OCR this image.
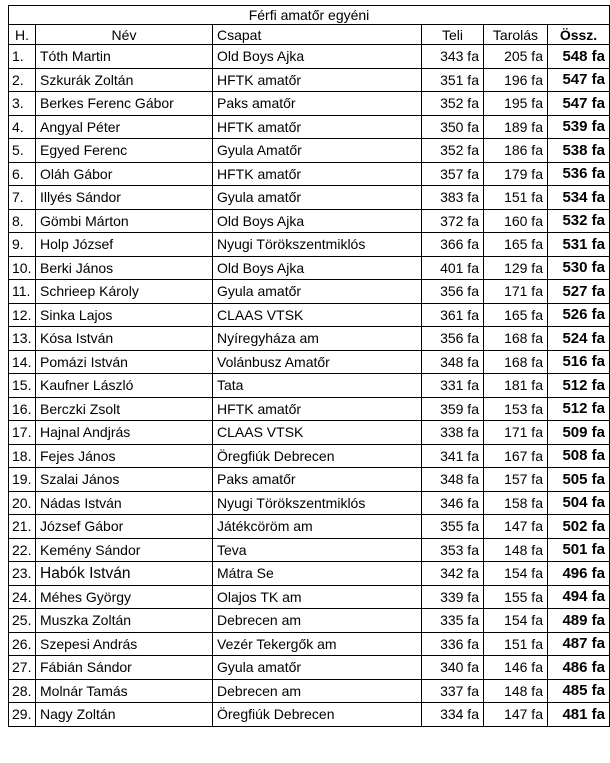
Férfi amatőr egyéni					
H.	Név	Csapat	Teli	Tarolás	Össz.
1.	Tóth Martin	Old Boys Ajka	343 fa	205 fa	548 fa
2.	Szkurák Zoltán	HFTK amatőr	351 fa	196 fa	547 fa
3.	Berkes Ferenc Gábor	Paks amatőr	352 fa	195 fa	547 fa
4.	Angyal Péter	HFTK amatőr	350 fa	189 fa	539 fa
5.	Egyed Ferenc	Gyula Amatőr	352 fa	186 fa	538 fa
6.	Oláh Gábor	HFTK amatőr	357 fa	179 fa	536 fa
7.	Illyés Sándor	Gyula amatőr	383 fa	151 fa	534 fa
8.	Gömbi Márton	Old Boys Ajka	372 fa	160 fa	532 fa
9.	Holp József	Nyugi Törökszentmiklós	366 fa	165 fa	531 fa
10.	Berki János	Old Boys Ajka	401 fa	129 fa	530 fa
11.	Schrieep Károly	Gyula amatőr	356 fa	171 fa	527 fa
12.	Sinka Lajos	CLAAS VTSK	361 fa	165 fa	526 fa
13.	Kósa István	Nyíregyháza am	356 fa	168 fa	524 fa
14.	Pomázi István	Volánbusz Amatőr	348 fa	168 fa	516 fa
15.	Kaufner László	Tata	331 fa	181 fa	512 fa
16.	Berczki Zsolt	HFTK amatőr	359 fa	153 fa	512 fa
17.	Hajnal Andjrás	CLAAS VTSK	338 fa	171 fa	509 fa
18.	Fejes János	Öregfiúk Debrecen	341 fa	167 fa	508 fa
19.	Szalai János	Paks amatőr	348 fa	157 fa	505 fa
20.	Nádas István	Nyugi Törökszentmiklós	346 fa	158 fa	504 fa
21.	József Gábor	Játékcöröm am	355 fa	147 fa	502 fa
22.	Kemény Sándor	Teva	353 fa	148 fa	501 fa
23.	Habók István	Mátra Se	342 fa	154 fa	496 fa
24.	Méhes György	Olajos TK am	339 fa	155 fa	494 fa
25.	Muszka Zoltán	Debrecen am	335 fa	154 fa	489 fa
26.	Szepesi András	Vezér Tekergők am	336 fa	151 fa	487 fa
27.	Fábián Sándor	Gyula amatőr	340 fa	146 fa	486 fa
28.	Molnár Tamás	Debrecen am	337 fa	148 fa	485 fa
29.	Nagy Zoltán	Öregfiúk Debrecen	334 fa	147 fa	481 fa
